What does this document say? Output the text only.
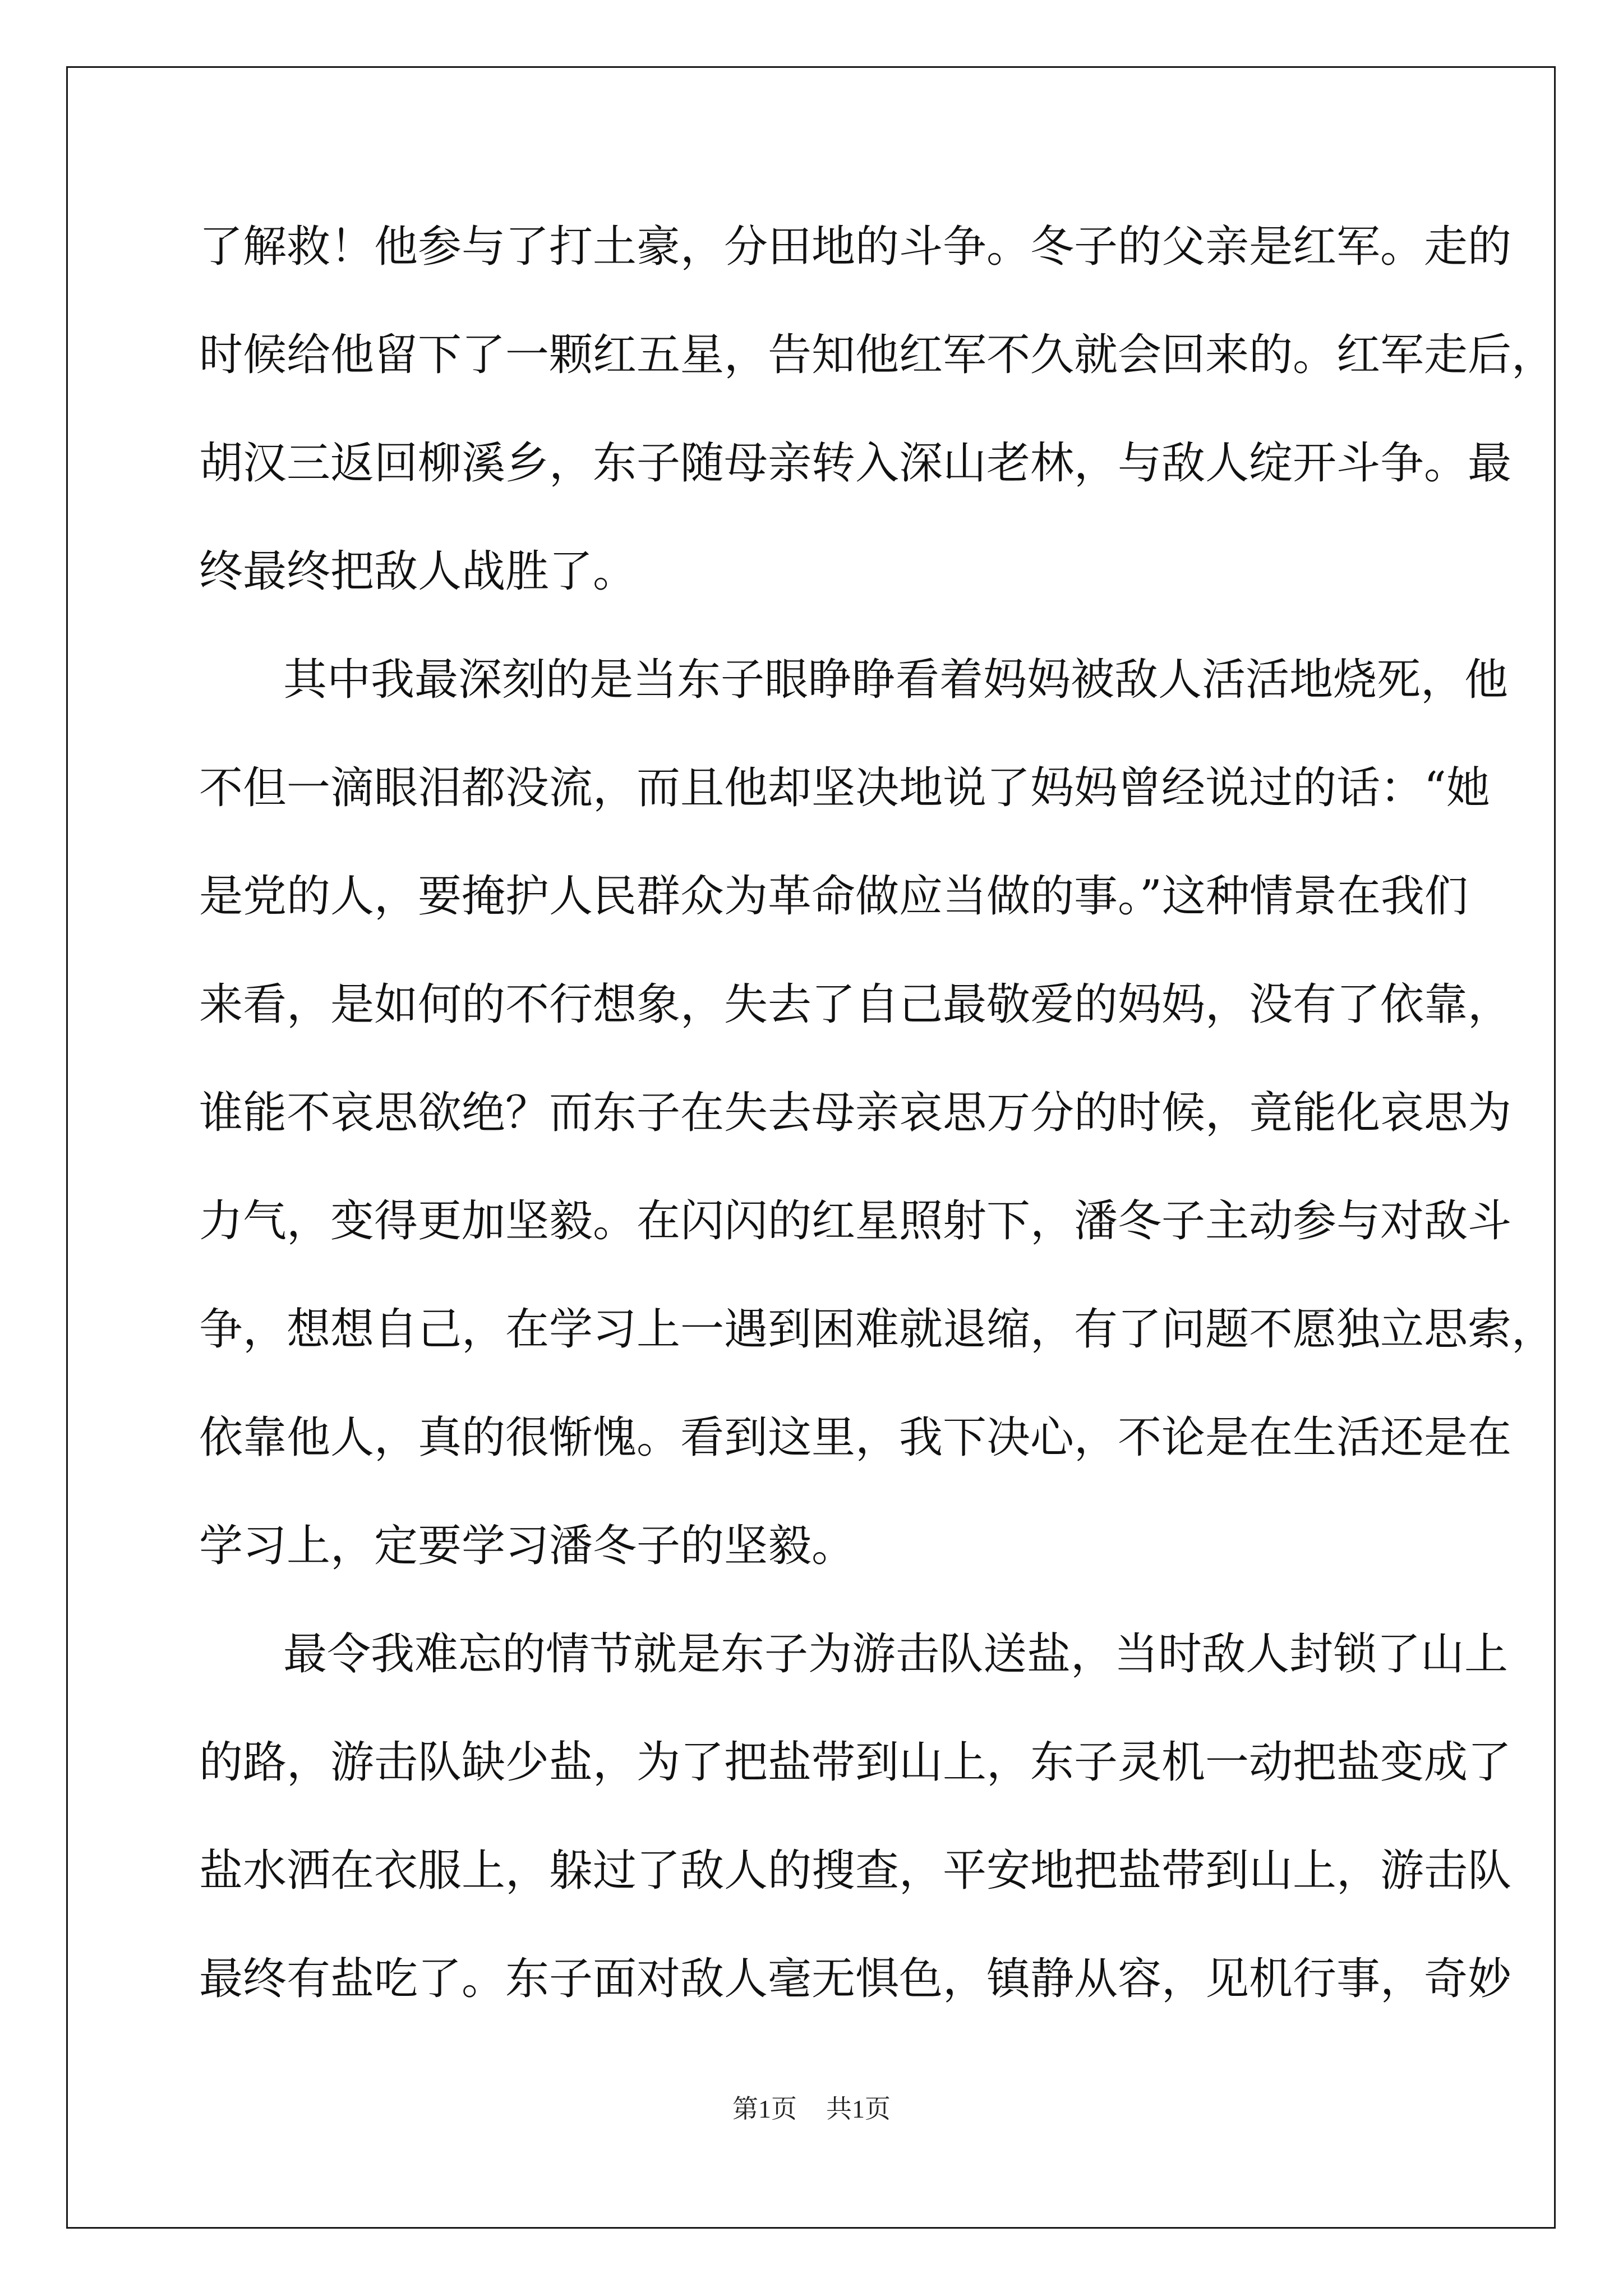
了解救！他参与了打土豪，分田地的斗争。冬子的父亲是红军。走的
时候给他留下了一颗红五星，告知他红军不久就会回来的。红军走后，
胡汉三返回柳溪乡，东子随母亲转入深山老林，与敌人绽开斗争。最
终最终把敌人战胜了。
其中我最深刻的是当东子眼睁睁看着妈妈被敌人活活地烧死，他
不但一滴眼泪都没流，而且他却坚决地说了妈妈曾经说过的话：“她
是党的人，要掩护人民群众为革命做应当做的事。”这种情景在我们
来看，是如何的不行想象，失去了自己最敬爱的妈妈，没有了依靠，
谁能不哀思欲绝？而东子在失去母亲哀思万分的时候，竟能化哀思为
力气，变得更加坚毅。在闪闪的红星照射下，潘冬子主动参与对敌斗
争，想想自己，在学习上一遇到困难就退缩，有了问题不愿独立思索，
依靠他人，真的很惭愧。看到这里，我下决心，不论是在生活还是在
学习上，定要学习潘冬子的坚毅。
最令我难忘的情节就是东子为游击队送盐，当时敌人封锁了山上
的路，游击队缺少盐，为了把盐带到山上，东子灵机一动把盐变成了
盐水洒在衣服上，躲过了敌人的搜查，平安地把盐带到山上，游击队
最终有盐吃了。东子面对敌人毫无惧色，镇静从容，见机行事，奇妙
第1页 共1页
